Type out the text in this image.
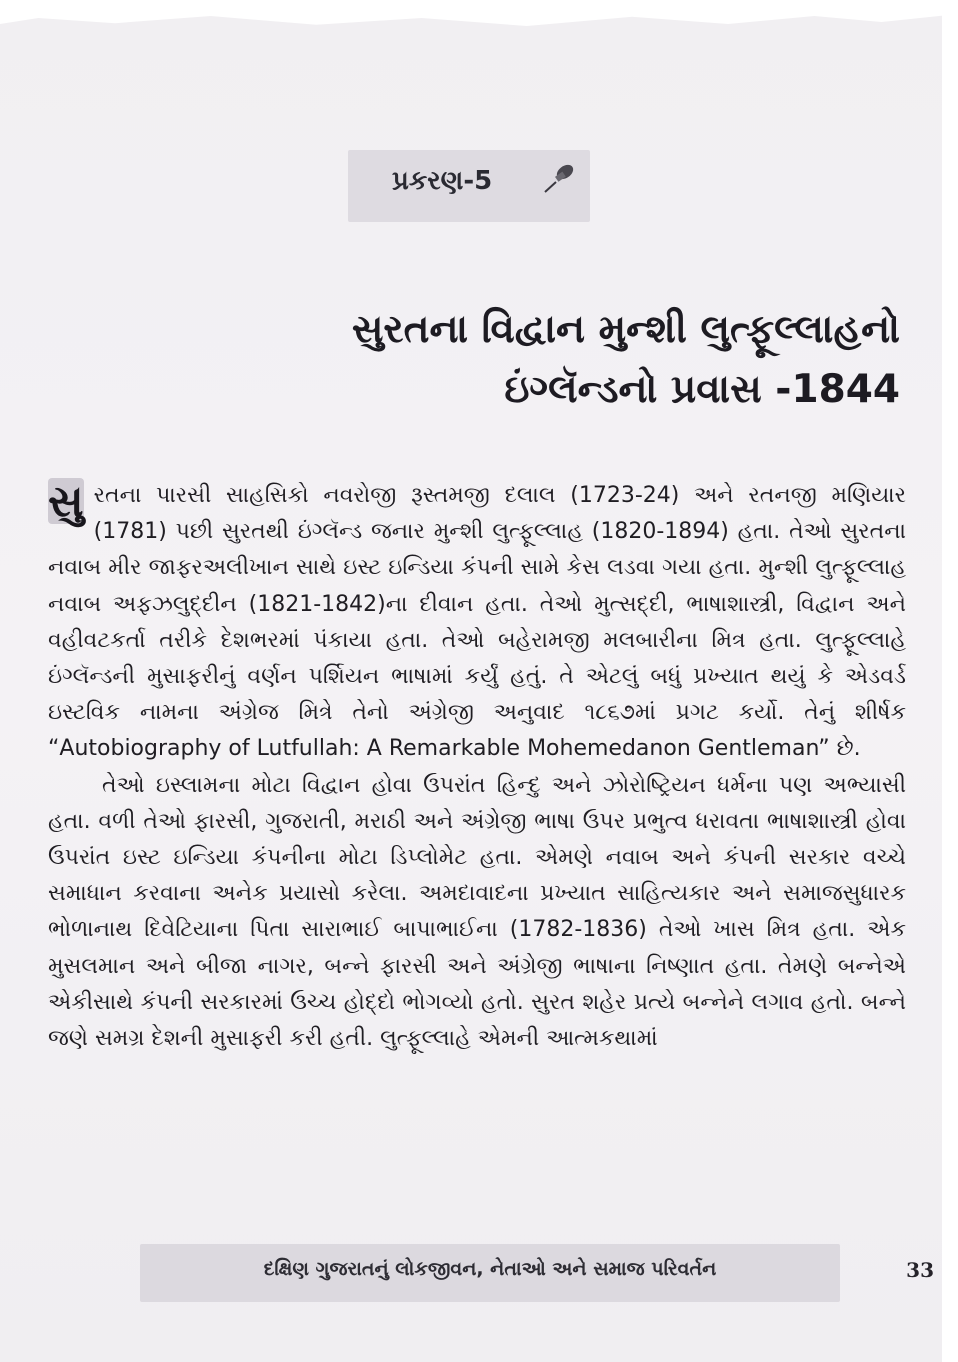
પ્રકરણ-5
સુરતના વિદ્વાન મુન્શી લુત્ફૂલ્લાહનો
ઇંગ્લૅન્ડનો પ્રવાસ -1844

સુ રતના પારસી સાહસિકો નવરોજી રૂસ્તમજી દલાલ (1723-24) અને રતનજી મણિયાર (1781) પછી સુરતથી ઇંગ્લૅન્ડ જનાર મુન્શી લુત્ફૂલ્લાહ (1820-1894) હતા. તેઓ સુરતના નવાબ મીર જાફરઅલીખાન સાથે ઇસ્ટ ઇન્ડિયા કંપની સામે કેસ લડવા ગયા હતા. મુન્શી લુત્ફૂલ્લાહ નવાબ અફઝલુદ્દીન (1821-1842)ના દીવાન હતા. તેઓ મુત્સદ્દી, ભાષાશાસ્ત્રી, વિદ્વાન અને વહીવટકર્તા તરીકે દેશભરમાં પંકાયા હતા. તેઓ બહેરામજી મલબારીના મિત્ર હતા. લુત્ફૂલ્લાહે ઇંગ્લૅન્ડની મુસાફરીનું વર્ણન પર્શિયન ભાષામાં કર્યું હતું. તે એટલું બધું પ્રખ્યાત થયું કે એડવર્ડ ઇસ્ટવિક નામના અંગ્રેજ મિત્રે તેનો અંગ્રેજી અનુવાદ ૧૮૬૭માં પ્રગટ કર્યો. તેનું શીર્ષક “Autobiography of Lutfullah: A Remarkable Mohemedanon Gentleman” છે.

તેઓ ઇસ્લામના મોટા વિદ્વાન હોવા ઉપરાંત હિન્દુ અને ઝોરોષ્ટ્રિયન ધર્મના પણ અભ્યાસી હતા. વળી તેઓ ફારસી, ગુજરાતી, મરાઠી અને અંગ્રેજી ભાષા ઉપર પ્રભુત્વ ધરાવતા ભાષાશાસ્ત્રી હોવા ઉપરાંત ઇસ્ટ ઇન્ડિયા કંપનીના મોટા ડિપ્લોમેટ હતા. એમણે નવાબ અને કંપની સરકાર વચ્ચે સમાધાન કરવાના અનેક પ્રયાસો કરેલા. અમદાવાદના પ્રખ્યાત સાહિત્યકાર અને સમાજસુધારક ભોળાનાથ દિવેટિયાના પિતા સારાભાઈ બાપાભાઈના (1782-1836) તેઓ ખાસ મિત્ર હતા. એક મુસલમાન અને બીજા નાગર, બન્ને ફારસી અને અંગ્રેજી ભાષાના નિષ્ણાત હતા. તેમણે બન્નેએ એકીસાથે કંપની સરકારમાં ઉચ્ચ હોદ્દો ભોગવ્યો હતો. સુરત શહેર પ્રત્યે બન્નેને લગાવ હતો. બન્ને જણે સમગ્ર દેશની મુસાફરી કરી હતી. લુત્ફૂલ્લાહે એમની આત્મકથામાં

દક્ષિણ ગુજરાતનું લોકજીવન, નેતાઓ અને સમાજ પરિવર્તન	33
